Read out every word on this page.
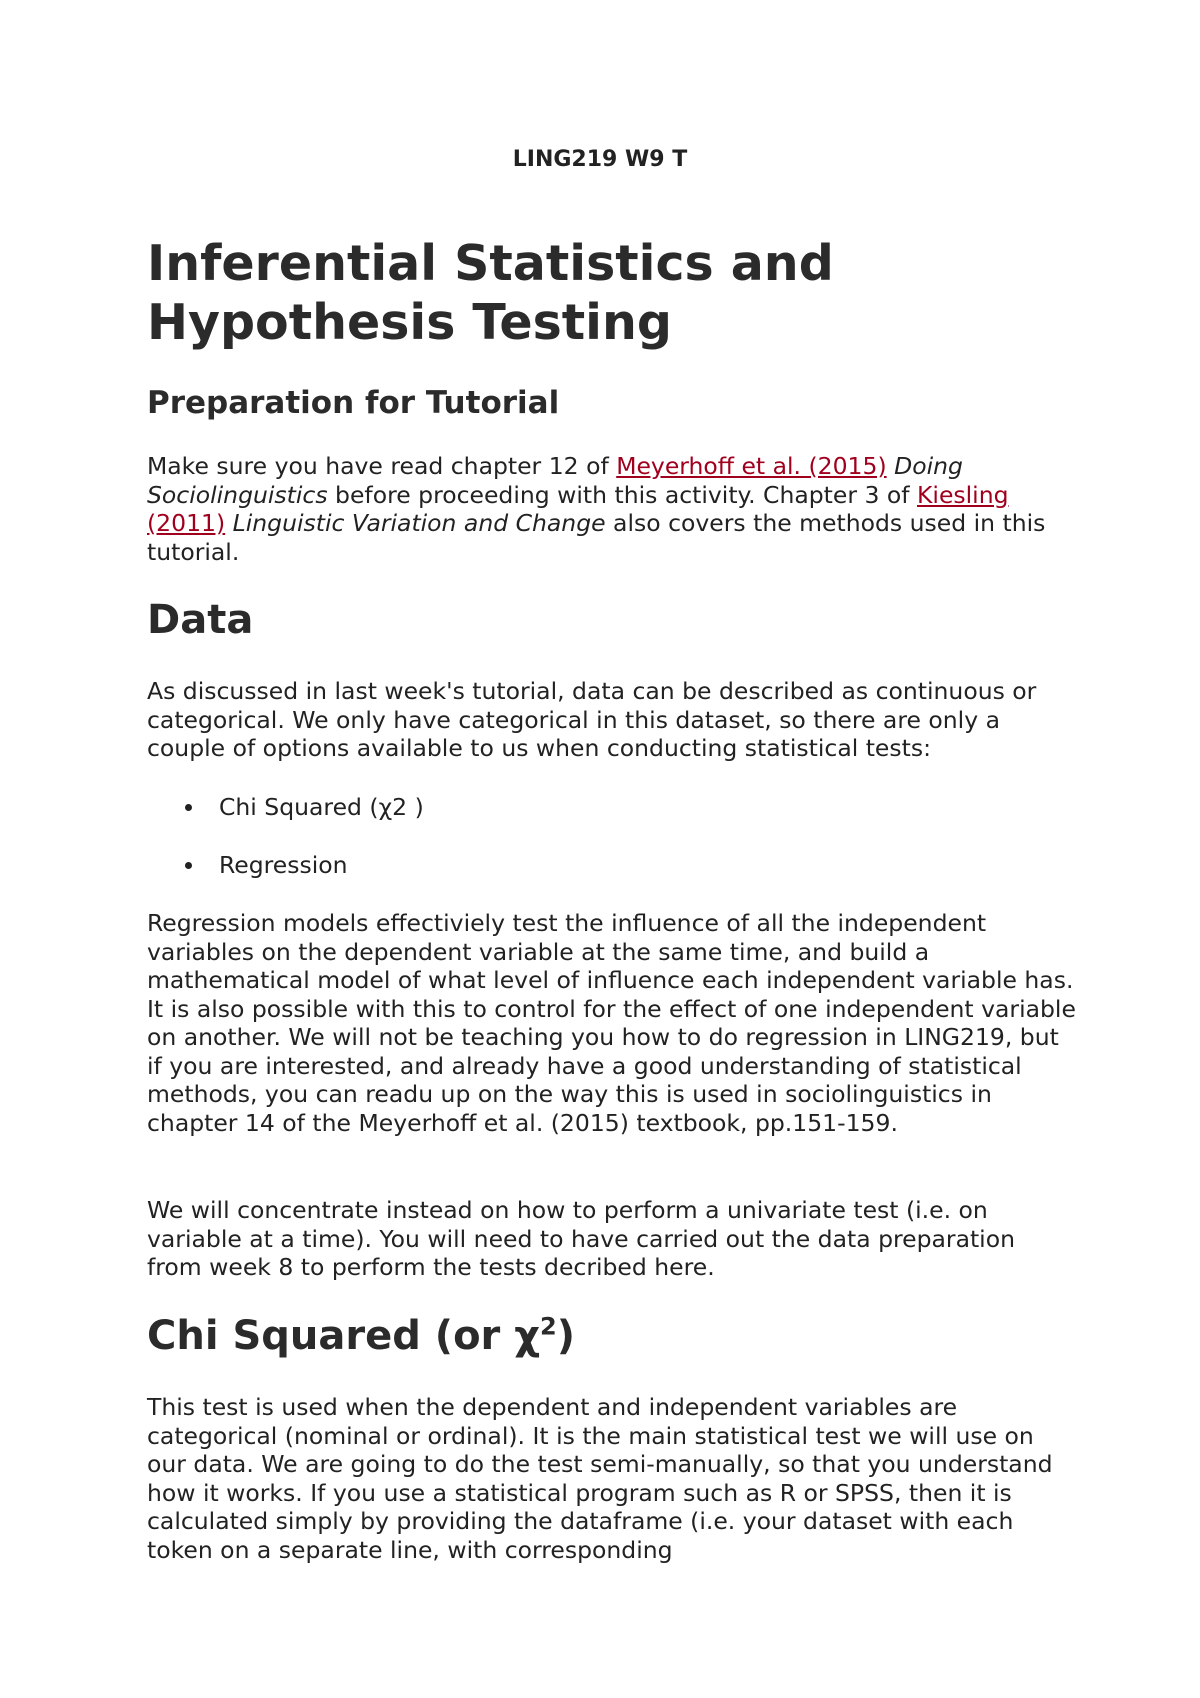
LING219 W9 T
Inferential Statistics and
Hypothesis Testing
Preparation for Tutorial

Make sure you have read chapter 12 of Meyerhoff et al. (2015) Doing Sociolinguistics before proceeding with this activity. Chapter 3 of Kiesling (2011) Linguistic Variation and Change also covers the methods used in this tutorial.

Data

As discussed in last week's tutorial, data can be described as continuous or categorical. We only have categorical in this dataset, so there are only a couple of options available to us when conducting statistical tests:

Chi Squared (χ2 )
Regression

Regression models effectiviely test the influence of all the independent variables on the dependent variable at the same time, and build a mathematical model of what level of influence each independent variable has. It is also possible with this to control for the effect of one independent variable on another. We will not be teaching you how to do regression in LING219, but if you are interested, and already have a good understanding of statistical methods, you can readu up on the way this is used in sociolinguistics in chapter 14 of the Meyerhoff et al. (2015) textbook, pp.151-159.

We will concentrate instead on how to perform a univariate test (i.e. on variable at a time). You will need to have carried out the data preparation from week 8 to perform the tests decribed here.

Chi Squared (or $\chi^2$)

This test is used when the dependent and independent variables are categorical (nominal or ordinal). It is the main statistical test we will use on our data. We are going to do the test semi-manually, so that you understand how it works. If you use a statistical program such as R or SPSS, then it is calculated simply by providing the dataframe (i.e. your dataset with each token on a separate line, with corresponding
